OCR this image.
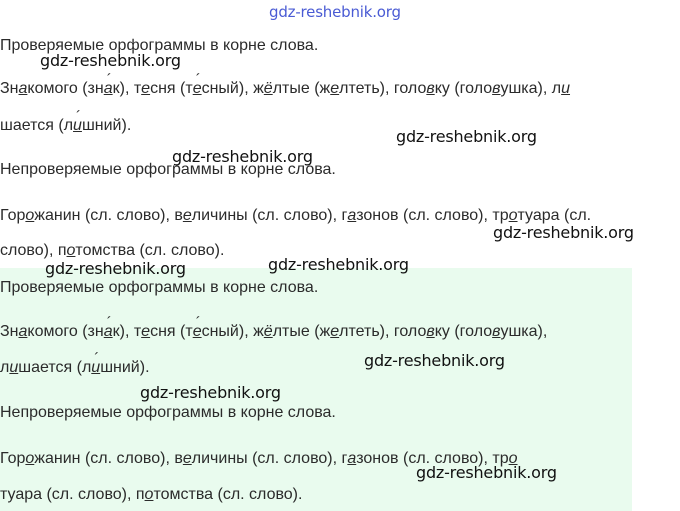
Проверяемые орфограммы в корне слова.
Знакомого (зна ´к), тесня (те ´сный), жёлтые (желтеть), головку (головушка), ли
шается (ли ´шний).
Непроверяемые орфограммы в корне слова.
Горожанин (сл. слово), величины (сл. слово), газонов (сл. слово), тротуара (сл.
слово), потомства (сл. слово).
Проверяемые орфограммы в корне слова.
Знакомого (зна ´к), тесня (те ´сный), жёлтые (желтеть), головку (головушка),
лишается (ли ´шний).
Непроверяемые орфограммы в корне слова.
Горожанин (сл. слово), величины (сл. слово), газонов (сл. слово), тро
туара (сл. слово), потомства (сл. слово).
gdz-reshebnik.org
gdz-reshebnik.org
gdz-reshebnik.org
gdz-reshebnik.org
gdz-reshebnik.org
gdz-reshebnik.org
gdz-reshebnik.org
gdz-reshebnik.org
gdz-reshebnik.org
gdz-reshebnik.org
